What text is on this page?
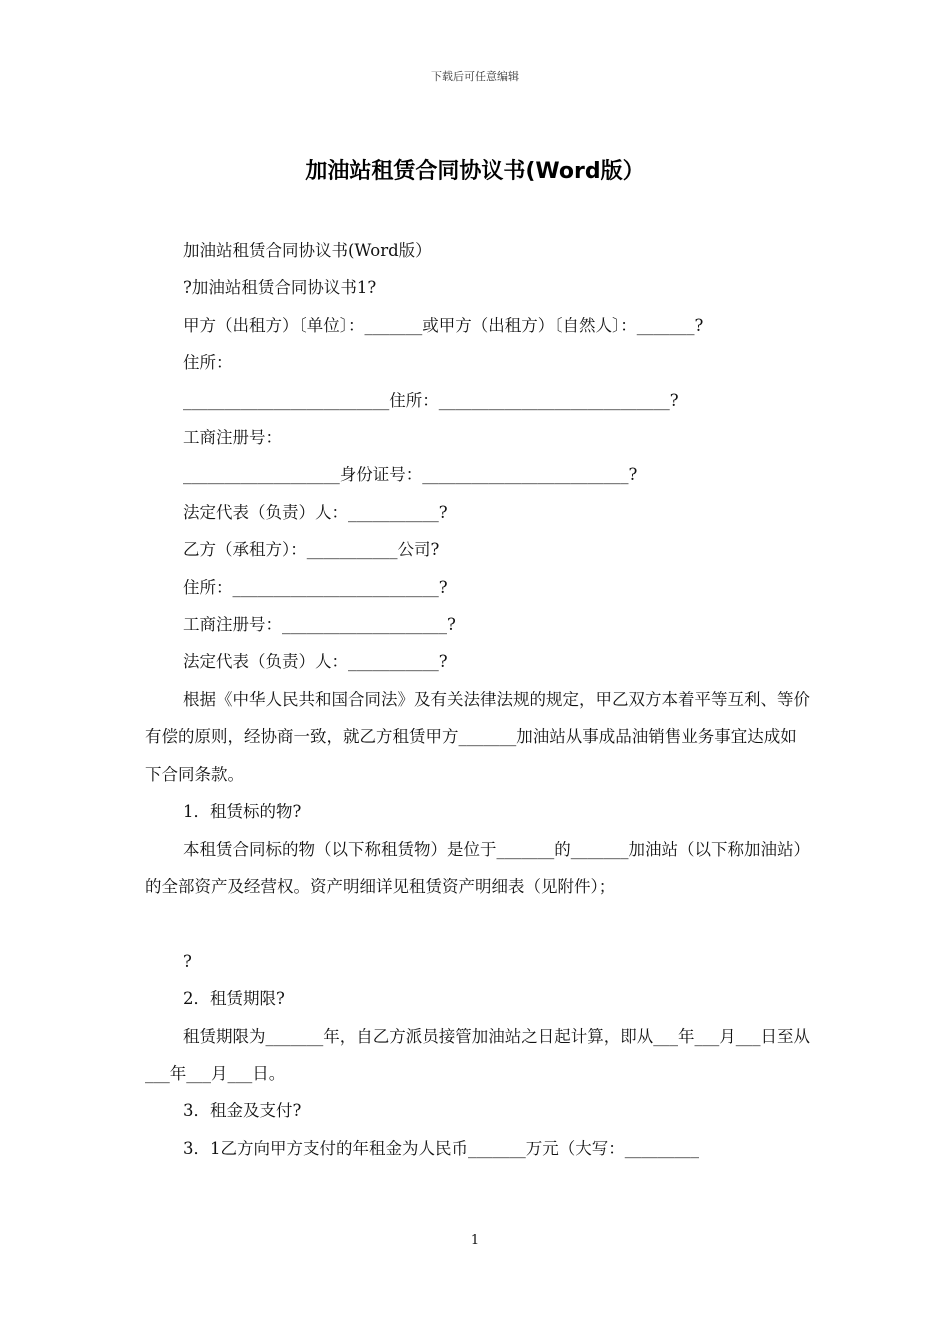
下载后可任意编辑
加油站租赁合同协议书(Word版）

加油站租赁合同协议书(Word版）

?加油站租赁合同协议书1?

甲方（出租方）〔单位〕：_______或甲方（出租方）〔自然人〕：_______?

住所：

_________________________住所：____________________________?

工商注册号：

___________________身份证号：_________________________?

法定代表（负责）人：___________?

乙方（承租方）：___________公司?

住所：_________________________?

工商注册号：____________________?

法定代表（负责）人：___________?

根据《中华人民共和国合同法》及有关法律法规的规定，甲乙双方本着平等互利、等价有偿的原则，经协商一致，就乙方租赁甲方_______加油站从事成品油销售业务事宜达成如下合同条款。

1．租赁标的物?

本租赁合同标的物（以下称租赁物）是位于_______的_______加油站（以下称加油站）的全部资产及经营权。资产明细详见租赁资产明细表（见附件）；

?

2．租赁期限?

租赁期限为_______年，自乙方派员接管加油站之日起计算，即从___年___月___日至从___年___月___日。

3．租金及支付?

3．1乙方向甲方支付的年租金为人民币_______万元（大写：_________

1
